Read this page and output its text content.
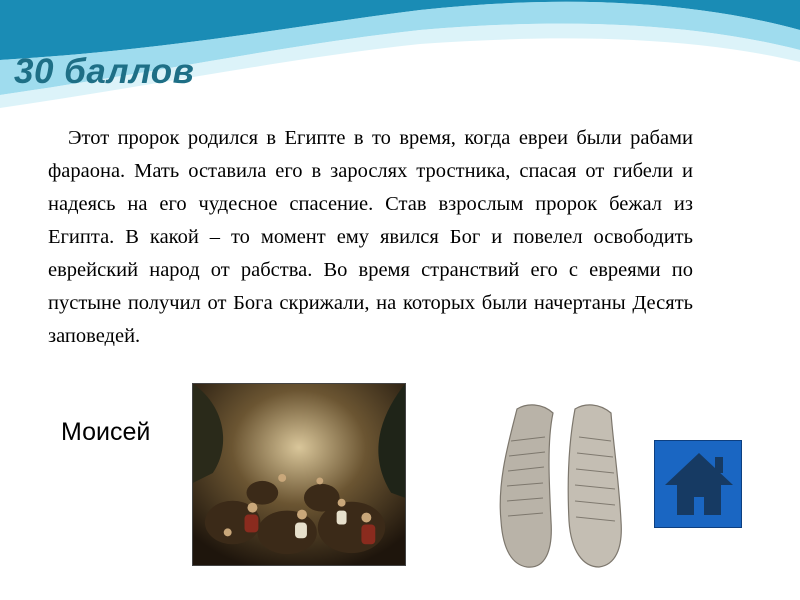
30 баллов

Этот пророк родился в Египте в то время, когда евреи были рабами фараона. Мать оставила его в зарослях тростника, спасая от гибели и надеясь на его чудесное спасение. Став взрослым пророк бежал из Египта. В какой – то момент ему явился Бог и повелел освободить еврейский народ от рабства. Во время странствий его с евреями по пустыне получил от Бога скрижали, на которых были начертаны Десять заповедей.

Моисей
